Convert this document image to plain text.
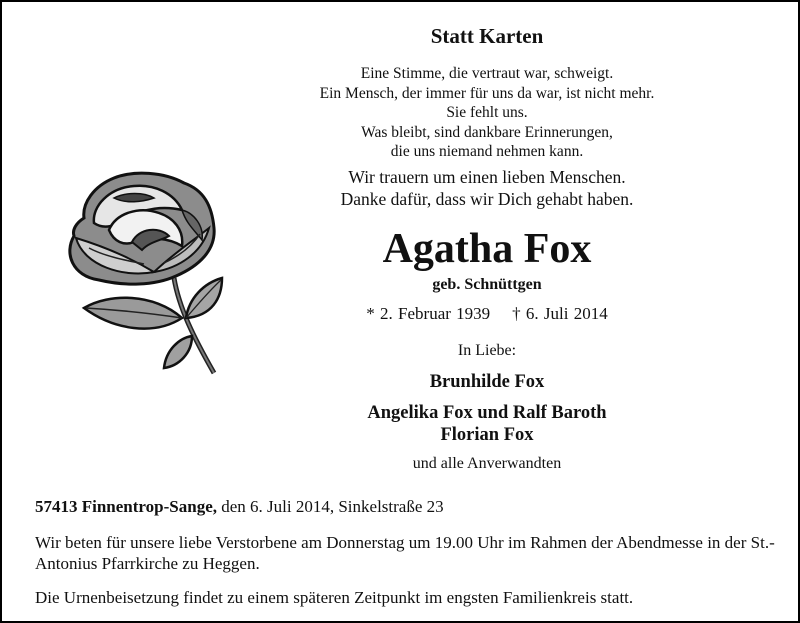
Statt Karten
Eine Stimme, die vertraut war, schweigt.
Ein Mensch, der immer für uns da war, ist nicht mehr.
Sie fehlt uns.
Was bleibt, sind dankbare Erinnerungen,
die uns niemand nehmen kann.
Wir trauern um einen lieben Menschen.
Danke dafür, dass wir Dich gehabt haben.
Agatha Fox
geb. Schnüttgen
* 2. Februar 1939 † 6. Juli 2014
In Liebe:
Brunhilde Fox
Angelika Fox und Ralf Baroth
Florian Fox
und alle Anverwandten
57413 Finnentrop-Sange, den 6. Juli 2014, Sinkelstraße 23
Wir beten für unsere liebe Verstorbene am Donnerstag um 19.00 Uhr im Rahmen der Abendmesse in der St.-Antonius Pfarrkirche zu Heggen.
Die Urnenbeisetzung findet zu einem späteren Zeitpunkt im engsten Familienkreis statt.
